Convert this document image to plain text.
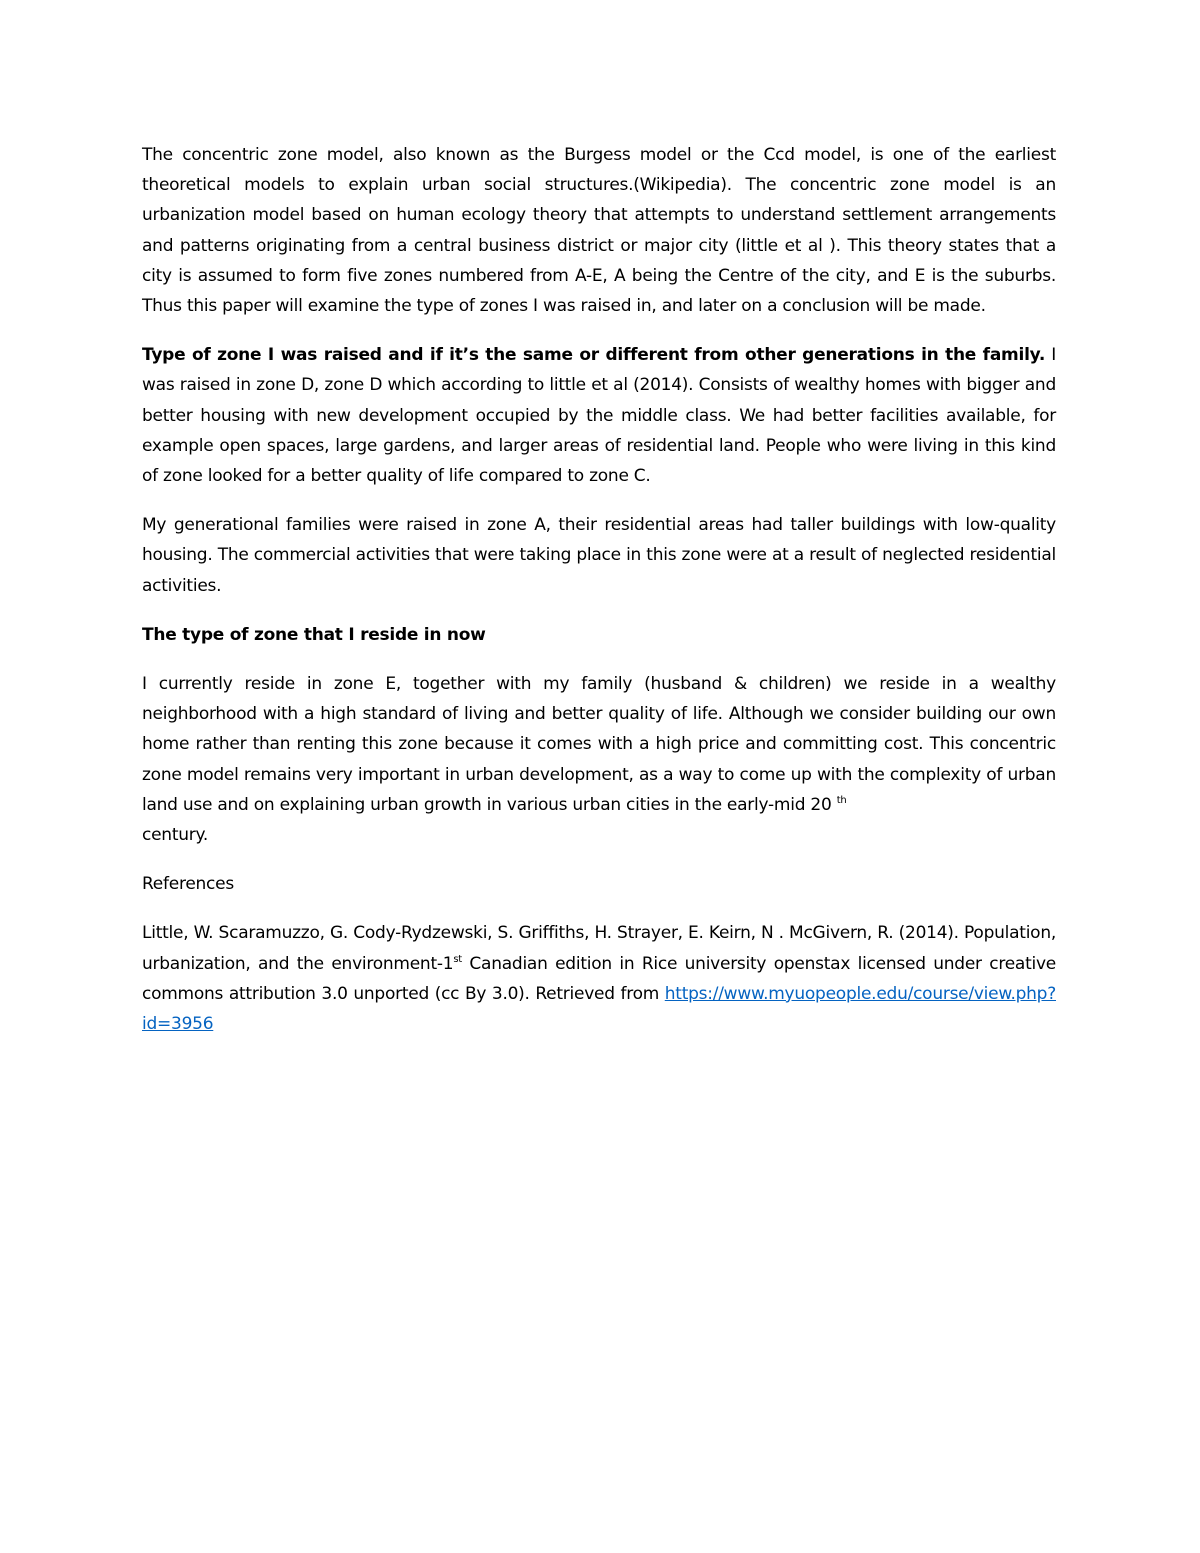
The concentric zone model, also known as the Burgess model or the Ccd model, is one of the earliest theoretical models to explain urban social structures.(Wikipedia). The concentric zone model is an urbanization model based on human ecology theory that attempts to understand settlement arrangements and patterns originating from a central business district or major city (little et al ). This theory states that a city is assumed to form five zones numbered from A-E, A being the Centre of the city, and E is the suburbs. Thus this paper will examine the type of zones I was raised in, and later on a conclusion will be made.

Type of zone I was raised and if it’s the same or different from other generations in the family. I was raised in zone D, zone D which according to little et al (2014). Consists of wealthy homes with bigger and better housing with new development occupied by the middle class. We had better facilities available, for example open spaces, large gardens, and larger areas of residential land. People who were living in this kind of zone looked for a better quality of life compared to zone C.

My generational families were raised in zone A, their residential areas had taller buildings with low-quality housing. The commercial activities that were taking place in this zone were at a result of neglected residential activities.

The type of zone that I reside in now

I currently reside in zone E, together with my family (husband & children) we reside in a wealthy neighborhood with a high standard of living and better quality of life. Although we consider building our own home rather than renting this zone because it comes with a high price and committing cost. This concentric zone model remains very important in urban development, as a way to come up with the complexity of urban land use and on explaining urban growth in various urban cities in the early-mid 20 $^{th}$
century.

References

Little, W. Scaramuzzo, G. Cody-Rydzewski, S. Griffiths, H. Strayer, E. Keirn, N . McGivern, R. (2014). Population, urbanization, and the environment-1st Canadian edition in Rice university openstax licensed under creative commons attribution 3.0 unported (cc By 3.0). Retrieved from https://www.myuopeople.edu/course/view.php?id=3956
